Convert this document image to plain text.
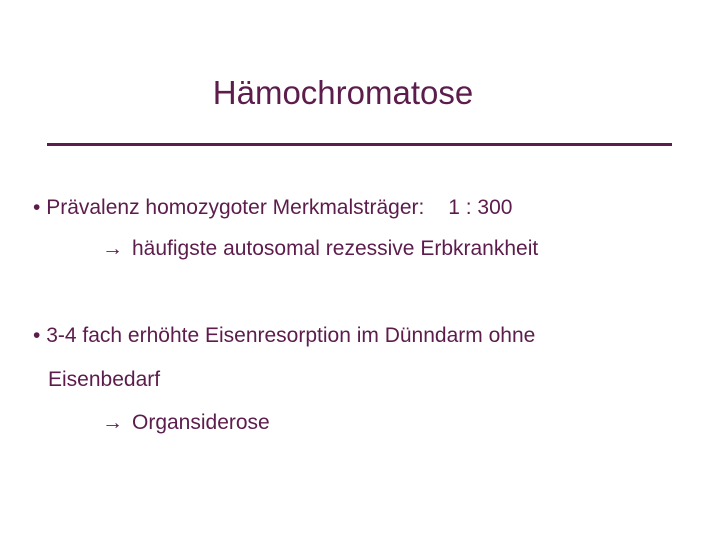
Hämochromatose
• Prävalenz homozygoter Merkmalsträger: 1 : 300
→ häufigste autosomal rezessive Erbkrankheit
• 3-4 fach erhöhte Eisenresorption im Dünndarm ohne
Eisenbedarf
→ Organsiderose
